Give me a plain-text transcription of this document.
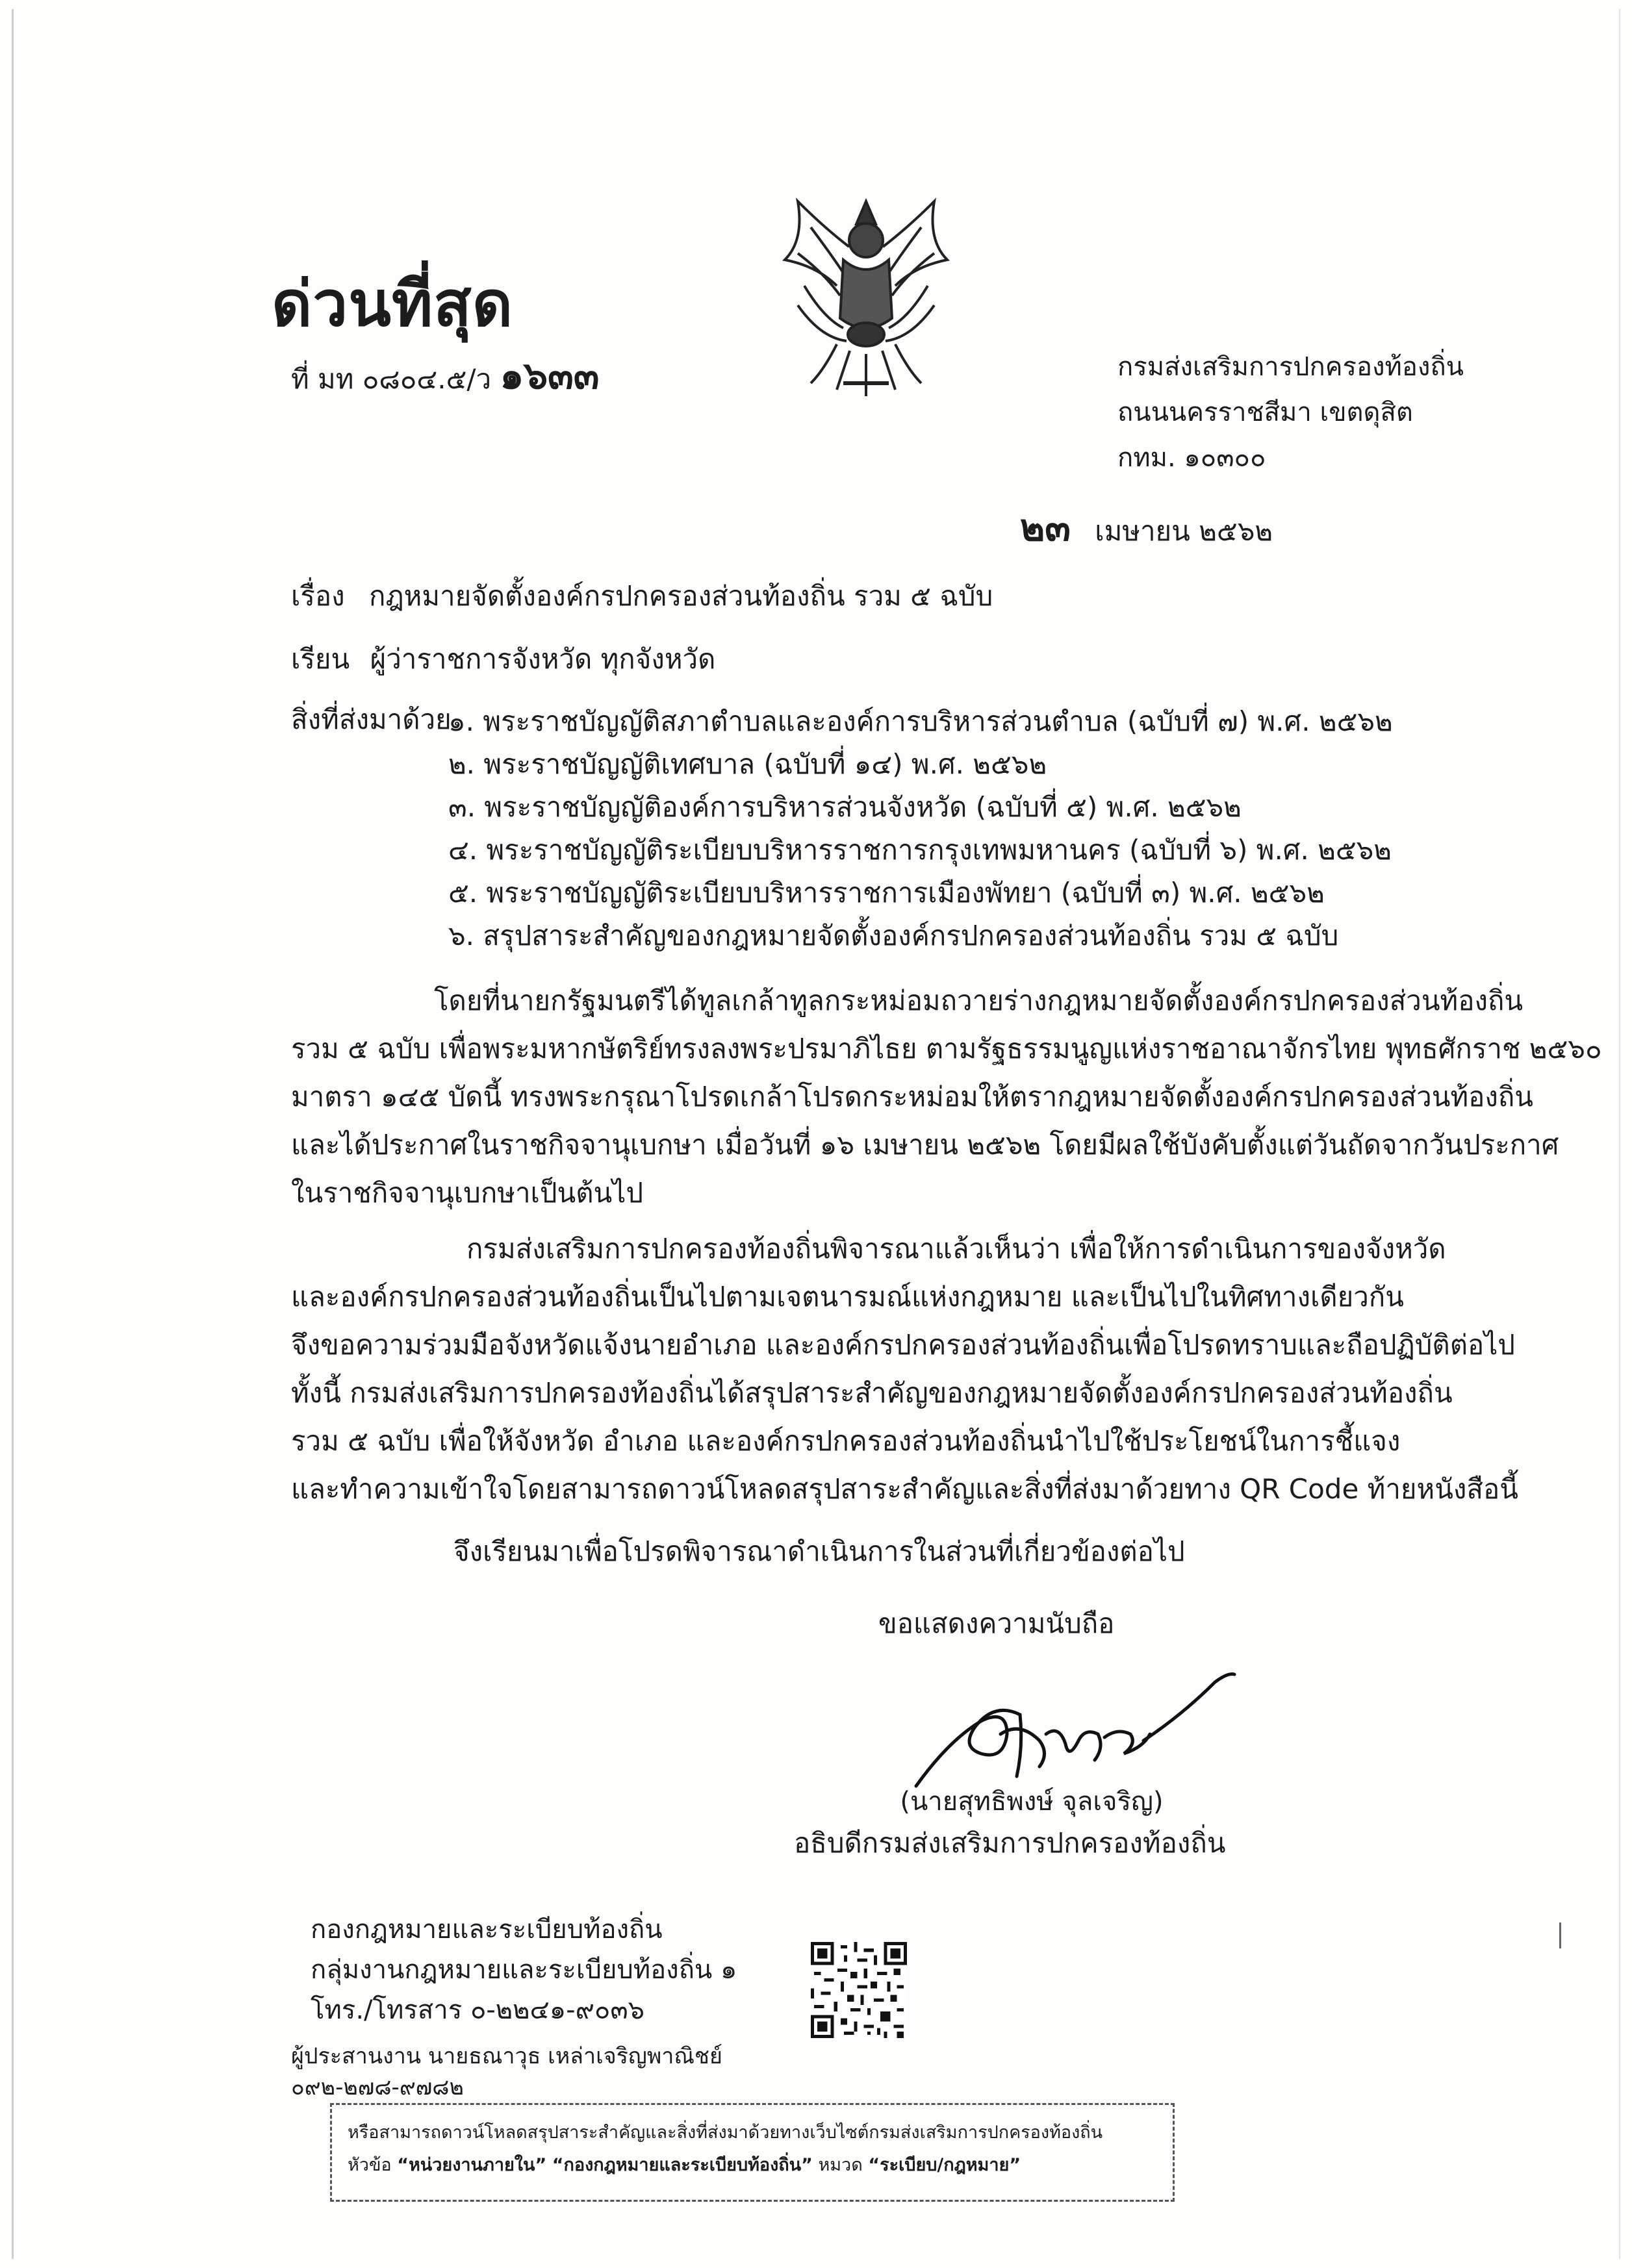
ด่วนที่สุด
ที่ มท ๐๘๐๔.๕/ว ๑๖๓๓	กรมส่งเสริมการปกครองท้องถิ่น
ถนนนครราชสีมา เขตดุสิต
กทม. ๑๐๓๐๐
๒๓ เมษายน ๒๕๖๒
เรื่อง กฎหมายจัดตั้งองค์กรปกครองส่วนท้องถิ่น รวม ๕ ฉบับ
เรียน ผู้ว่าราชการจังหวัด ทุกจังหวัด
สิ่งที่ส่งมาด้วย
๑. พระราชบัญญัติสภาตำบลและองค์การบริหารส่วนตำบล (ฉบับที่ ๗) พ.ศ. ๒๕๖๒
๒. พระราชบัญญัติเทศบาล (ฉบับที่ ๑๔) พ.ศ. ๒๕๖๒
๓. พระราชบัญญัติองค์การบริหารส่วนจังหวัด (ฉบับที่ ๕) พ.ศ. ๒๕๖๒
๔. พระราชบัญญัติระเบียบบริหารราชการกรุงเทพมหานคร (ฉบับที่ ๖) พ.ศ. ๒๕๖๒
๕. พระราชบัญญัติระเบียบบริหารราชการเมืองพัทยา (ฉบับที่ ๓) พ.ศ. ๒๕๖๒
๖. สรุปสาระสำคัญของกฎหมายจัดตั้งองค์กรปกครองส่วนท้องถิ่น รวม ๕ ฉบับ
โดยที่นายกรัฐมนตรีได้ทูลเกล้าทูลกระหม่อมถวายร่างกฎหมายจัดตั้งองค์กรปกครองส่วนท้องถิ่น
รวม ๕ ฉบับ เพื่อพระมหากษัตริย์ทรงลงพระปรมาภิไธย ตามรัฐธรรมนูญแห่งราชอาณาจักรไทย พุทธศักราช ๒๕๖๐
มาตรา ๑๔๕ บัดนี้ ทรงพระกรุณาโปรดเกล้าโปรดกระหม่อมให้ตรากฎหมายจัดตั้งองค์กรปกครองส่วนท้องถิ่น
และได้ประกาศในราชกิจจานุเบกษา เมื่อวันที่ ๑๖ เมษายน ๒๕๖๒ โดยมีผลใช้บังคับตั้งแต่วันถัดจากวันประกาศ
ในราชกิจจานุเบกษาเป็นต้นไป
กรมส่งเสริมการปกครองท้องถิ่นพิจารณาแล้วเห็นว่า เพื่อให้การดำเนินการของจังหวัด
และองค์กรปกครองส่วนท้องถิ่นเป็นไปตามเจตนารมณ์แห่งกฎหมาย และเป็นไปในทิศทางเดียวกัน
จึงขอความร่วมมือจังหวัดแจ้งนายอำเภอ และองค์กรปกครองส่วนท้องถิ่นเพื่อโปรดทราบและถือปฏิบัติต่อไป
ทั้งนี้ กรมส่งเสริมการปกครองท้องถิ่นได้สรุปสาระสำคัญของกฎหมายจัดตั้งองค์กรปกครองส่วนท้องถิ่น
รวม ๕ ฉบับ เพื่อให้จังหวัด อำเภอ และองค์กรปกครองส่วนท้องถิ่นนำไปใช้ประโยชน์ในการชี้แจง
และทำความเข้าใจโดยสามารถดาวน์โหลดสรุปสาระสำคัญและสิ่งที่ส่งมาด้วยทาง QR Code ท้ายหนังสือนี้
จึงเรียนมาเพื่อโปรดพิจารณาดำเนินการในส่วนที่เกี่ยวข้องต่อไป
ขอแสดงความนับถือ
(นายสุทธิพงษ์ จุลเจริญ)
อธิบดีกรมส่งเสริมการปกครองท้องถิ่น
กองกฎหมายและระเบียบท้องถิ่น
กลุ่มงานกฎหมายและระเบียบท้องถิ่น ๑
โทร./โทรสาร ๐-๒๒๔๑-๙๐๓๖
ผู้ประสานงาน นายธณาวุธ เหล่าเจริญพาณิชย์
๐๙๒-๒๗๘-๙๗๘๒
หรือสามารถดาวน์โหลดสรุปสาระสำคัญและสิ่งที่ส่งมาด้วยทางเว็บไซต์กรมส่งเสริมการปกครองท้องถิ่น
หัวข้อ “หน่วยงานภายใน” “กองกฎหมายและระเบียบท้องถิ่น” หมวด “ระเบียบ/กฎหมาย”
